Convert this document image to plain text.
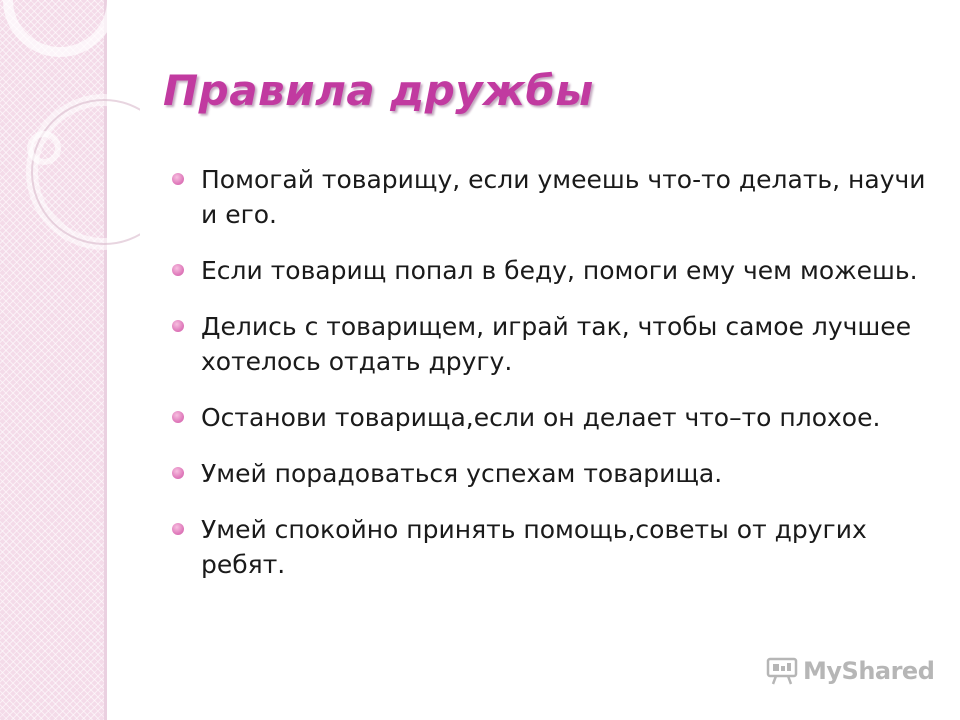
Правила дружбы
Помогай товарищу, если умеешь что-то делать, научи и его.
Если товарищ попал в беду, помоги ему чем можешь.
Делись с товарищем, играй так, чтобы самое лучшее хотелось отдать другу.
Останови товарища,если он делает что–то плохое.
Умей порадоваться успехам товарища.
Умей спокойно принять помощь,советы от других ребят.
MyShared
